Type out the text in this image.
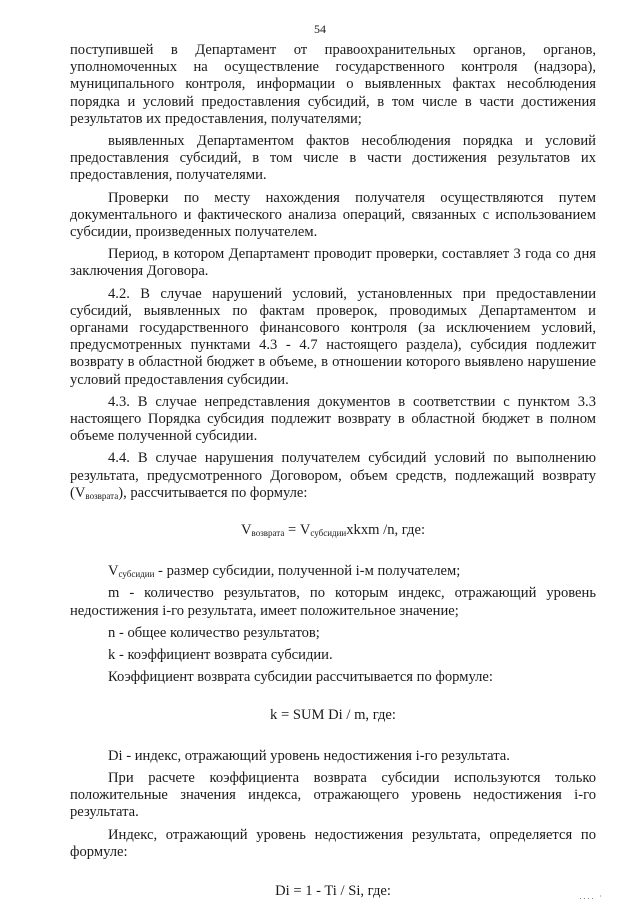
54

поступившей в Департамент от правоохранительных органов, органов, уполномоченных на осуществление государственного контроля (надзора), муниципального контроля, информации о выявленных фактах несоблюдения порядка и условий предоставления субсидий, в том числе в части достижения результатов их предоставления, получателями;

выявленных Департаментом фактов несоблюдения порядка и условий предоставления субсидий, в том числе в части достижения результатов их предоставления, получателями.

Проверки по месту нахождения получателя осуществляются путем документального и фактического анализа операций, связанных с использованием субсидии, произведенных получателем.

Период, в котором Департамент проводит проверки, составляет 3 года со дня заключения Договора.

4.2. В случае нарушений условий, установленных при предоставлении субсидий, выявленных по фактам проверок, проводимых Департаментом и органами государственного финансового контроля (за исключением условий, предусмотренных пунктами 4.3 - 4.7 настоящего раздела), субсидия подлежит возврату в областной бюджет в объеме, в отношении которого выявлено нарушение условий предоставления субсидии.

4.3. В случае непредставления документов в соответствии с пунктом 3.3 настоящего Порядка субсидия подлежит возврату в областной бюджет в полном объеме полученной субсидии.

4.4. В случае нарушения получателем субсидий условий по выполнению результата, предусмотренного Договором, объем средств, подлежащий возврату $(V_{возврата})$, рассчитывается по формуле:

$V_{возврата}$ = $V_{субсидии}xkxm$ /n, где:

$V_{субсидии}$ - размер субсидии, полученной i-м получателем;

m - количество результатов, по которым индекс, отражающий уровень недостижения i-го результата, имеет положительное значение;

n - общее количество результатов;

k - коэффициент возврата субсидии.

Коэффициент возврата субсидии рассчитывается по формуле:

k = SUM Di / m, где:

Di - индекс, отражающий уровень недостижения i-го результата.

При расчете коэффициента возврата субсидии используются только положительные значения индекса, отражающего уровень недостижения i-го результата.

Индекс, отражающий уровень недостижения результата, определяется по формуле:

Di = 1 - Ti / Si, где:	.... ·
